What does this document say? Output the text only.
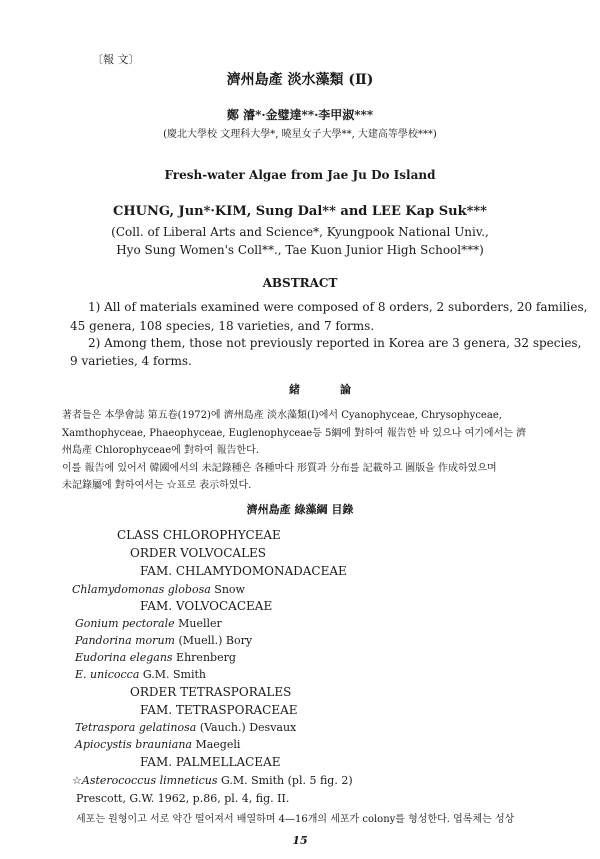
〔報 文〕
濟州島產 淡水藻類 (Ⅱ)
鄭 濬*·金璧達**·李甲淑***
(慶北大學校 文理科大學*, 曉星女子大學**, 大建高等學校***)
Fresh-water Algae from Jae Ju Do Island
CHUNG, Jun*·KIM, Sung Dal** and LEE Kap Suk***
(Coll. of Liberal Arts and Science*, Kyungpook National Univ.,
Hyo Sung Women's Coll**., Tae Kuon Junior High School***)
ABSTRACT
1) All of materials examined were composed of 8 orders, 2 suborders, 20 families,
45 genera, 108 species, 18 varieties, and 7 forms.
2) Among them, those not previously reported in Korea are 3 genera, 32 species,
9 varieties, 4 forms.
緒論
著者들은 本學會誌 第五卷(1972)에 濟州島產 淡水藻類(Ⅰ)에서 Cyanophyceae, Chrysophyceae,
Xamthophyceae, Phaeophyceae, Euglenophyceae등 5綱에 對하여 報告한 바 있으나 여기에서는 濟
州島產 Chlorophyceae에 對하여 報告한다.
이를 報告에 있어서 韓國에서의 未記錄種은 各種마다 形質과 分布를 記載하고 圖版을 作成하였으며
未記錄屬에 對하여서는 ☆표로 表示하였다.
濟州島產 綠藻綱 目錄
CLASS CHLOROPHYCEAE
ORDER VOLVOCALES
FAM. CHLAMYDOMONADACEAE
Chlamydomonas globosa Snow
FAM. VOLVOCACEAE
Gonium pectorale Mueller
Pandorina morum (Muell.) Bory
Eudorina elegans Ehrenberg
E. unicocca G.M. Smith
ORDER TETRASPORALES
FAM. TETRASPORACEAE
Tetraspora gelatinosa (Vauch.) Desvaux
Apiocystis brauniana Maegeli
FAM. PALMELLACEAE
☆Asterococcus limneticus G.M. Smith (pl. 5 fig. 2)
Prescott, G.W. 1962, p.86, pl. 4, fig. II.
세포는 원형이고 서로 약간 떨어져서 배열하며 4—16개의 세포가 colony를 형성한다. 엽록체는 성상
15
